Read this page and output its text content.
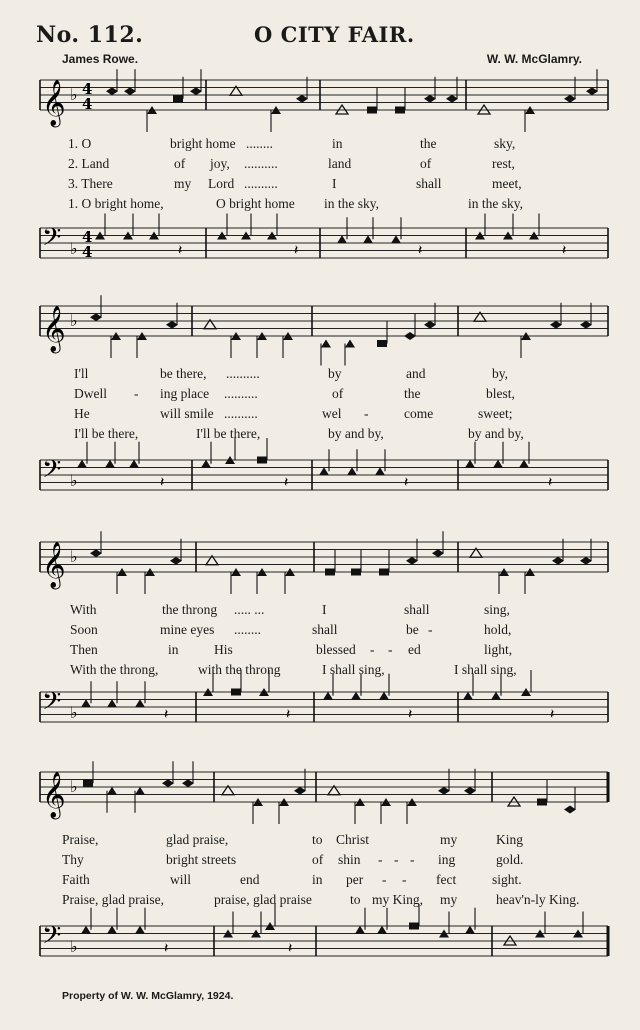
No. 112.	O CITY FAIR.
James Rowe.	W. W. McGlamry.
𝄞 ♭ 4
4
1. O	bright home ........	in	the	sky,
2. Land	of joy, ..........	land	of	rest,
3. There	my Lord ..........	I	shall	meet,
1. O bright home,	O bright home in the sky,	in the sky,
𝄢 ♭
4
4	𝄽	𝄽	𝄽	𝄽
𝄞 ♭
I'll	be there, ..........	by	and	by,
Dwell - ing place ..........	of	the	blest,
He	will smile ..........	wel -	come	sweet;
I'll be there,	I'll be there,	by and by,	by and by,
𝄢 ♭	𝄽	𝄽	𝄽	𝄽
𝄞 ♭
With	the throng ..... ...	I	shall	sing,
Soon	mine eyes ........	shall	be -	hold,
Then	in	His	blessed - - ed	light,
With the throng,	with the throng	I shall sing,	I shall sing,
𝄢 ♭	𝄽	𝄽	𝄽	𝄽
𝄞 ♭
Praise,	glad praise,	to Christ	my	King
Thy	bright streets	of shin - - - ing	gold.
Faith	will	end	in per - - fect	sight.
Praise, glad praise,	praise, glad praise	to my King, my	heav'n-ly King.
𝄢 ♭	𝄽	𝄽
Property of W. W. McGlamry, 1924.
